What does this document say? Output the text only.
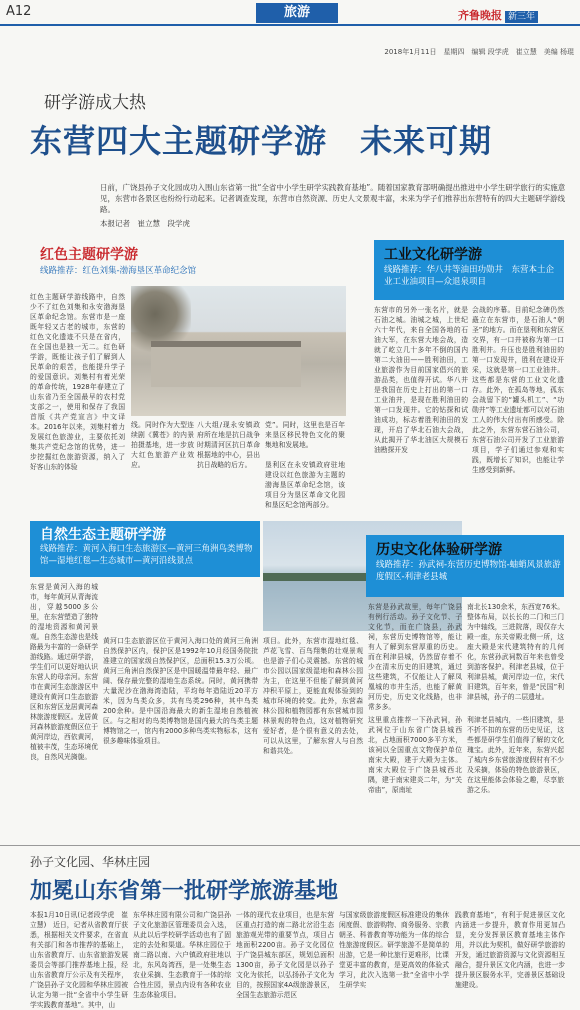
A12	旅游	齐鲁晚报 新三年
2018年1月11日　星期四　编辑 段学虎　崔立慧　美编 杨琨
研学游成大热
东营四大主题研学游　未来可期
日前，广饶县孙子文化园成功入围山东省第一批“全省中小学生研学实践教育基地”。随着国家教育部明确提出推进中小学生研学旅行的实施意见，东营市各景区也纷纷行动起来。记者调查发现，东营市自然资源、历史人文景观丰富，未来为学子们推荐出东营特有的四大主题研学游线路。
本报记者　崔立慧　段学虎
红色主题研学游
线路推荐：红色刘集-渤海垦区革命纪念馆
红色主题研学游线路中，自然少不了红色刘集和永安渤海垦区革命纪念馆。东营市是一座既年轻又古老的城市，东营的红色文化遗迹不只是在省内，在全国也是独一无二。红色研学游，既能让孩子们了解到人民革命的艰苦，也能提升学子的爱国意识。刘集村有着光荣的革命传统，1928年春建立了山东省乃至全国最早的农村党支部之一，使用和保存了我国首版《共产党宣言》中文译本。2016年以来，刘集村着力发展红色旅游业，主要依托刘集共产党纪念馆的优势，进一步挖掘红色旅游资源，纳入了好客山东的体验
线。同时作为大型连续剧《冀苍》的内景拍摄基地，进一步放大红色旅游产业效应。
八大组/现永安镇政府所在地是抗日战争时期清河区抗日革命根据地的中心，县出抗日战略的后方。
党”。同时，这里也是百年来垦区移民特色文化的聚集地和发展地。
垦利区在永安镇政府驻地建设以红色旅游为主题的渤海垦区革命纪念馆，该项目分为垦区革命文化园和垦区纪念馆两部分。
工业文化研学游
线路推荐：华八井等油田功勋井　东营本土企业工业油项目—众退泉项目
东营市的另外一张名片，就是石油之城。油城之城，上世纪六十年代，来自全国各地的石油大军，在东营大地会战，造就了屹立几十多年不倒的国内第二大油田——胜利油田，工业旅游作为目前国家倡兴的旅游品类，也值得开试。华八井是我国在历史上打出的第一口工业油井，是现在胜利油田的第一口发现井。它的钻探和试油成功，标志着胜利油田的发现，开启了华北石油大会战，从此揭开了华北油区大规模石油勘探开发
会战的序幕。目前纪念碑仍然矗立在东营市，是石油人“朝圣”的地方。而在垦利和东营区交界，有一口井被称为第一口胜利井。升压也是胜利油田的第一口发现井，胜利在建设开采，这就是第一口工业油井。这些都是东营的工业文化遗存。此外，在孤岛等地，孤东会战留下的“罐头机工”、“功勋井”等工业遗址都可以对石油工人的伟大付出有所感受。除此之外，东营东营石油公司，东营石油公司开发了工业旅游项目，学子们通过参观和实践，既增长了知识，也能让学生感受到新鲜。
自然生态主题研学游
线路推荐：黄河入海口生态旅游区—黄河三角洲鸟类博物馆—湿地红毯—生态城市—黄河沿线景点
东营是黄河入海的城市，每年黄河从青海流出，穿越5000多公里，在东营塑造了独特的湿地资源和黄河景观。自然生态游也是线路最为丰富的一条研学游线路。通过研学游，学生们可以更好地认识东营人的母亲河。东营市在黄河生态旅游区中建设有黄河口生态旅游区和东营区龙居黄河森林旅游度假区。龙居黄河森林旅游度假区位于黄河岸边，西依黄河，植被丰茂，生态环境优良，自然风光旖旎。
黄河口生态旅游区位于黄河入海口处的黄河三角洲自然保护区内，保护区是1992年10月经国务院批准建立的国家级自然保护区，总面积15.3万公顷。黄河三角洲自然保护区是中国暖温带最年轻、最广阔、保存最完整的湿地生态系统。同时，黄河携带大量泥沙在渤海湾造陆，平均每年造陆近20平方米，因为鸟类众多，共有鸟类296种，其中鸟类200余种。是中国沿海最大的新生湿地自然植被区。与之相对的鸟类博物馆是国内最大的鸟类主题博物馆之一，馆内有2000多种鸟类实物标本，这有很多趣味体验项目。
项目。此外，东营市湿地红毯、芦花飞雪、百鸟翔集的壮观景观也是游子们心灵震撼。东营的城市公园以国家级湿地和森林公园为主，在这里不但能了解到黄河冲积平原上，更能直观体验到的城市环境的转变。此外，东营森林公园和植物园都有东营城市园林景观的特色点，这对植物研究爱好者，是个很有意义的去处，可以从这里，了解东营人与自然和谐共处。
历史文化体验研学游
线路推荐：孙武祠-东营历史博物馆-蚰蛸风景旅游度假区-利津老县城
东营是孙武故里，每年广饶县有例行活动。孙子文化节、子文化节，而在广饶县，孙武祠，东营历史博物馆等，能让有人了解到东营厚重的历史。而在利津县城，仍然留存着不少在清末历史的旧建筑，通过这些建筑，不仅能让人了解凤凰城的市井生活，也能了解黄河历史，历史文化线路，也非常多多。
这里重点推荐一下孙武祠，孙武祠位于山东省广饶县城西北，占地面积7000多平方米，该祠以全国重点文物保护单位南宋大殿，建于大殿为主体。南宋大殿位于广饶县城西北隅，建于南宋建炎二年，为“关帝庙”，原南址
南北长130余米，东西宽76米。整体布局，以长长的二门和三门为中轴线，三进院落，现仅存大殿一座，东关帝殿北侧一所，这座大殿是宋代建筑特有的几何化，东营孙武祠数百年来也曾受到游客保护。利津老县城，位于利津县城，黄河岸边一位，宋代旧建筑，百年来，曾是“民国”利津县城，孙子的二层遗址。
利津老县城内，一些旧建筑，是不折不扣的东营的历史见证，这些都是研学生们值得了解的文化瑰宝。此外，近年来，东营兴起了城内乡东营旅游度假村有不少及采摘，体验的特色旅游景区，在这里能体会体验之趣，尽享旅游之乐。
孙子文化园、华林庄园
加冕山东省第一批研学旅游基地
本报1月10日讯(记者段学虎　崔立慧)　近日，记者从省教育厅获悉，根据相关文件要求，在省直有关部门和各市推荐的基础上，山东省教育厅、山东省旅游发展委员会等部门推荐基地上报，经山东省教育厅公示及有关程序，广饶县孙子文化园和华林庄园被认定为第一批“全省中小学生研学实践教育基地”。其中，山
东华林庄园有限公司和广饶县孙子文化旅游区管理委员会入选，从此以后学校研学活动也有了固定的去处和渠道。华林庄园位于南二路以南、六户镇政府驻地以北，东风岛湾西，是一处集生态农业采摘、生态教育于一体的综合性庄园，景点内设有各种农业生态体验项目。
一体的现代农业项目，也是东营区重点打造的南二路北岔沿生态旅游观光带的重要节点，项目占地面积2200亩。孙子文化园位于广饶县城东部区，规划总面积1300亩，孙子文化园是以孙子文化为依托，以弘扬孙子文化为目的，按照国家4A级旅游景区，全国生态旅游示范区
与国家级旅游度假区标准建设的集休闲度假、旅游购物、商务服务、宗教朝圣、科普教育等功能为一体的综合性旅游度假区。研学旅游不是简单的出游，它是一种比旅行更难形，比课堂更丰富的教育，是更高效的体验式学习，此次入选第一批“全省中小学生研学实
践教育基地”，有利于促进景区文化内涵进一步提升，教育作用更加凸显，充分发挥景区教育基地主体作用，并以此为契机，做好研学旅游的开发，通过旅游资源与文化资源相互融合，提升景区文化内涵，也进一步提升景区服务水平，完善景区基础设施建设。
